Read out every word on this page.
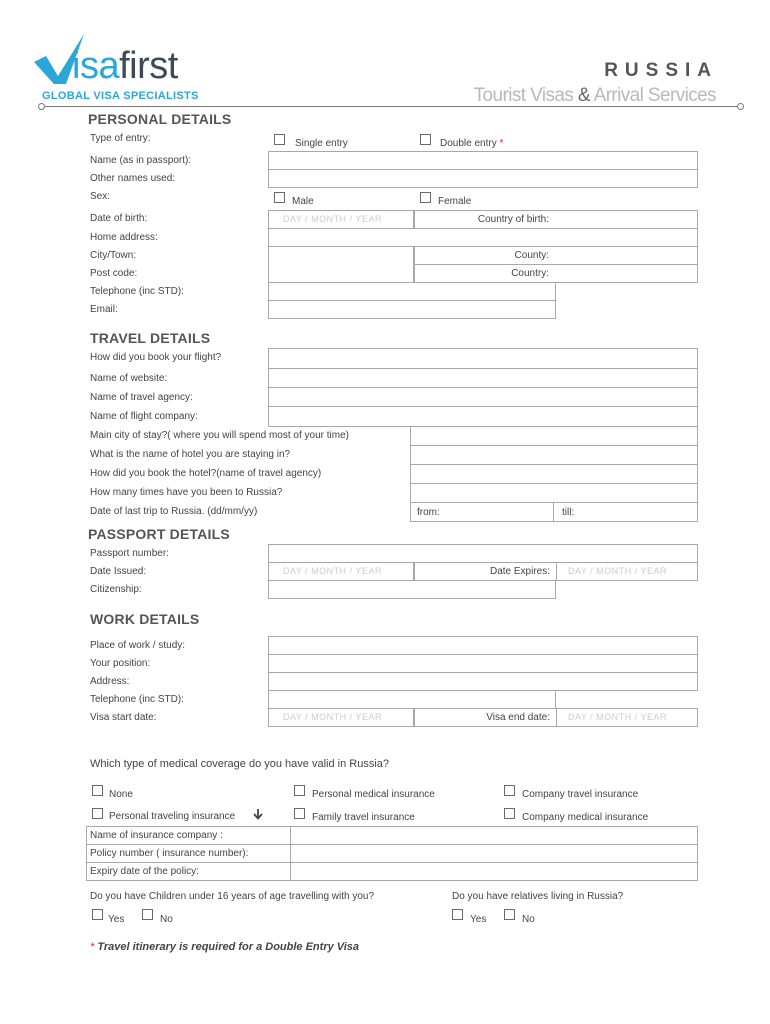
isafirst
GLOBAL VISA SPECIALISTS
RUSSIA
Tourist Visas & Arrival Services
PERSONAL DETAILS
Type of entry:	Single entry	Double entry *
Name (as in passport):
Other names used:
Sex:	Male	Female
Date of birth:	DAY / MONTH / YEAR	Country of birth:
Home address:
City/Town:	County:
Post code:	Country:
Telephone (inc STD):
Email:
TRAVEL DETAILS
How did you book your flight?
Name of website:
Name of travel agency:
Name of flight company:
Main city of stay?( where you will spend most of your time)
What is the name of hotel you are staying in?
How did you book the hotel?(name of travel agency)
How many times have you been to Russia?
Date of last trip to Russia. (dd/mm/yy)	from:	till:
PASSPORT DETAILS
Passport number:
Date Issued:	DAY / MONTH / YEAR	Date Expires: DAY / MONTH / YEAR
Citizenship:
WORK DETAILS
Place of work / study:
Your position:
Address:
Telephone (inc STD):
Visa start date:	DAY / MONTH / YEAR	Visa end date: DAY / MONTH / YEAR
Which type of medical coverage do you have valid in Russia?
None	Personal medical insurance	Company travel insurance
Personal traveling insurance	Family travel insurance	Company medical insurance
Name of insurance company :
Policy number ( insurance number):
Expiry date of the policy:
Do you have Children under 16 years of age travelling with you?	Do you have relatives living in Russia?
Yes	No	Yes	No
* Travel itinerary is required for a Double Entry Visa
